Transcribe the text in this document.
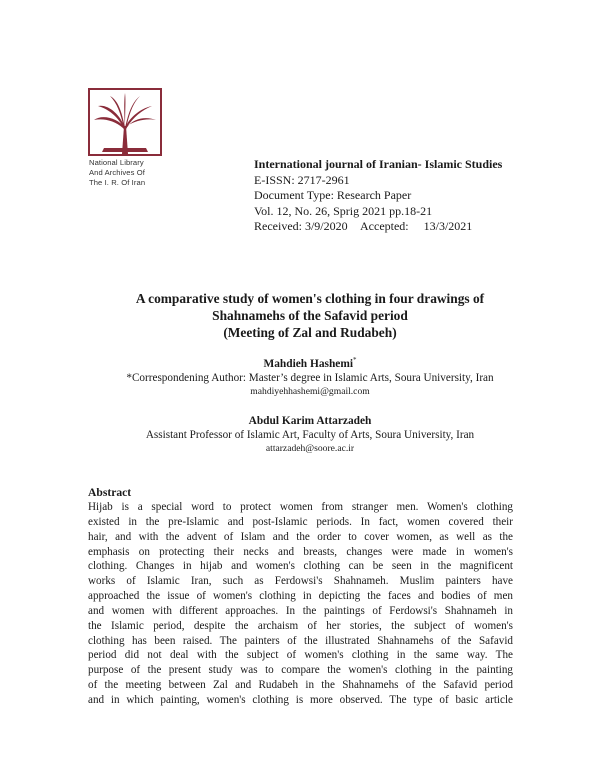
National Library
And Archives Of
The I. R. Of Iran
International journal of Iranian- Islamic Studies
E-ISSN: 2717-2961
Document Type: Research Paper
Vol. 12, No. 26, Sprig 2021 pp.18-21
Received: 3/9/2020 Accepted:     13/3/2021
A comparative study of women's clothing in four drawings of
Shahnamehs of the Safavid period
(Meeting of Zal and Rudabeh)
Mahdieh Hashemi*
*Correspondening Author: Master’s degree in Islamic Arts, Soura University, Iran
mahdiyehhashemi@gmail.com
Abdul Karim Attarzadeh
Assistant Professor of Islamic Art, Faculty of Arts, Soura University, Iran
attarzadeh@soore.ac.ir
Abstract
Hijab is a special word to protect women from stranger men. Women's clothing
existed in the pre-Islamic and post-Islamic periods. In fact, women covered their
hair, and with the advent of Islam and the order to cover women, as well as the
emphasis on protecting their necks and breasts, changes were made in women's
clothing. Changes in hijab and women's clothing can be seen in the magnificent
works of Islamic Iran, such as Ferdowsi's Shahnameh. Muslim painters have
approached the issue of women's clothing in depicting the faces and bodies of men
and women with different approaches. In the paintings of Ferdowsi's Shahnameh in
the Islamic period, despite the archaism of her stories, the subject of women's
clothing has been raised. The painters of the illustrated Shahnamehs of the Safavid
period did not deal with the subject of women's clothing in the same way. The
purpose of the present study was to compare the women's clothing in the painting
of the meeting between Zal and Rudabeh in the Shahnamehs of the Safavid period
and in which painting, women's clothing is more observed. The type of basic article
